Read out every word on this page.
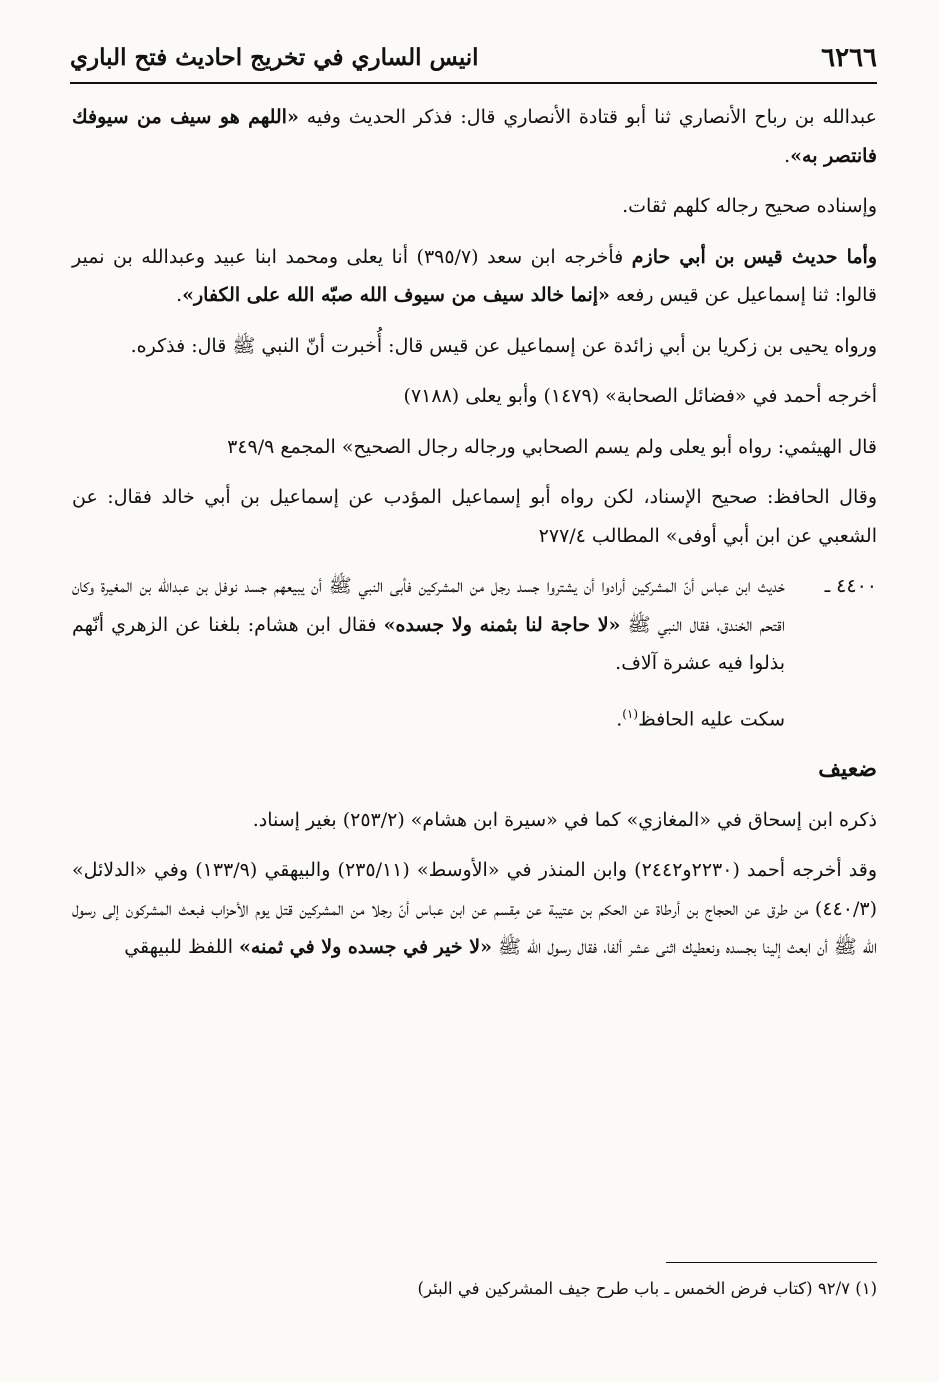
٦٢٦٦
انيس الساري في تخريج احاديث فتح الباري

عبدالله بن رباح الأنصاري ثنا أبو قتادة الأنصاري قال: فذكر الحديث وفيه «اللهم هو سيف من سيوفك فانتصر به».

وإسناده صحيح رجاله كلهم ثقات.

وأما حديث قيس بن أبي حازم فأخرجه ابن سعد (٣٩٥/٧) أنا يعلى ومحمد ابنا عبيد وعبدالله بن نمير قالوا: ثنا إسماعيل عن قيس رفعه «إنما خالد سيف من سيوف الله صبّه الله على الكفار».

ورواه يحيى بن زكريا بن أبي زائدة عن إسماعيل عن قيس قال: أُخبرت أنّ النبي ﷺ قال: فذكره.

أخرجه أحمد في «فضائل الصحابة» (١٤٧٩) وأبو يعلى (٧١٨٨)

قال الهيثمي: رواه أبو يعلى ولم يسم الصحابي ورجاله رجال الصحيح» المجمع ٣٤٩/٩

وقال الحافظ: صحيح الإسناد، لكن رواه أبو إسماعيل المؤدب عن إسماعيل بن أبي خالد فقال: عن الشعبي عن ابن أبي أوفى» المطالب ٢٧٧/٤

٤٤٠٠ ـ

خديث ابن عباس أنّ المشركين أرادوا أن يشتروا جسد رجل من المشركين فأبى النبي ﷺ أن يبيعهم جسد نوفل بن عبدالله بن المغيرة وكان اقتحم الخندق، فقال النبي ﷺ «لا حاجة لنا بثمنه ولا جسده» فقال ابن هشام: بلغنا عن الزهري أنّهم بذلوا فيه عشرة آلاف.

سكت عليه الحافظ$^{(١)}$.

ضعيف

ذكره ابن إسحاق في «المغازي» كما في «سيرة ابن هشام» (٢٥٣/٢) بغير إسناد.

وقد أخرجه أحمد (٢٢٣٠و٢٤٤٢) وابن المنذر في «الأوسط» (٢٣٥/١١) والبيهقي (١٣٣/٩) وفي «الدلائل» (٤٤٠/٣) من طرق عن الحجاج بن أرطاة عن الحكم بن عتيبة عن مِقسم عن ابن عباس أنّ رجلا من المشركين قتل يوم الأحزاب فبعث المشركون إلى رسول الله ﷺ أن ابعث إلينا بجسده ونعطيك اثنى عشر ألفا، فقال رسول الله ﷺ «لا خير في جسده ولا في ثمنه» اللفظ للبيهقي

(١) ٩٢/٧ (كتاب فرض الخمس ـ باب طرح جيف المشركين في البئر)
